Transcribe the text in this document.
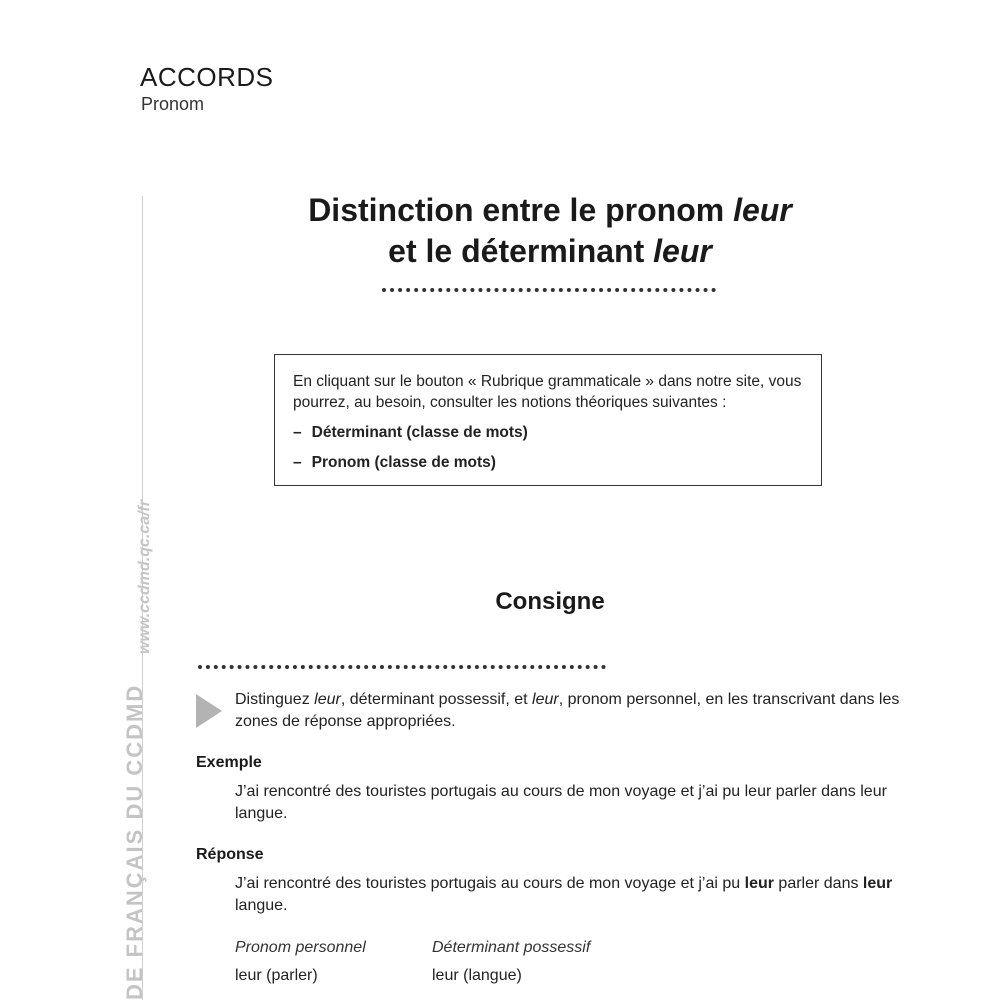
ACCORDS
Pronom
DE FRANÇAIS DU CCDMD
www.ccdmd.qc.ca/fr
Distinction entre le pronom leur
et le déterminant leur
En cliquant sur le bouton « Rubrique grammaticale » dans notre site, vous pourrez, au besoin, consulter les notions théoriques suivantes :
– Déterminant (classe de mots)
– Pronom (classe de mots)
Consigne
Distinguez leur, déterminant possessif, et leur, pronom personnel, en les transcrivant dans les zones de réponse appropriées.
Exemple
J’ai rencontré des touristes portugais au cours de mon voyage et j’ai pu leur parler dans leur langue.
Réponse
J’ai rencontré des touristes portugais au cours de mon voyage et j’ai pu leur parler dans leur langue.
Pronom personnel	Déterminant possessif
leur (parler)	leur (langue)
